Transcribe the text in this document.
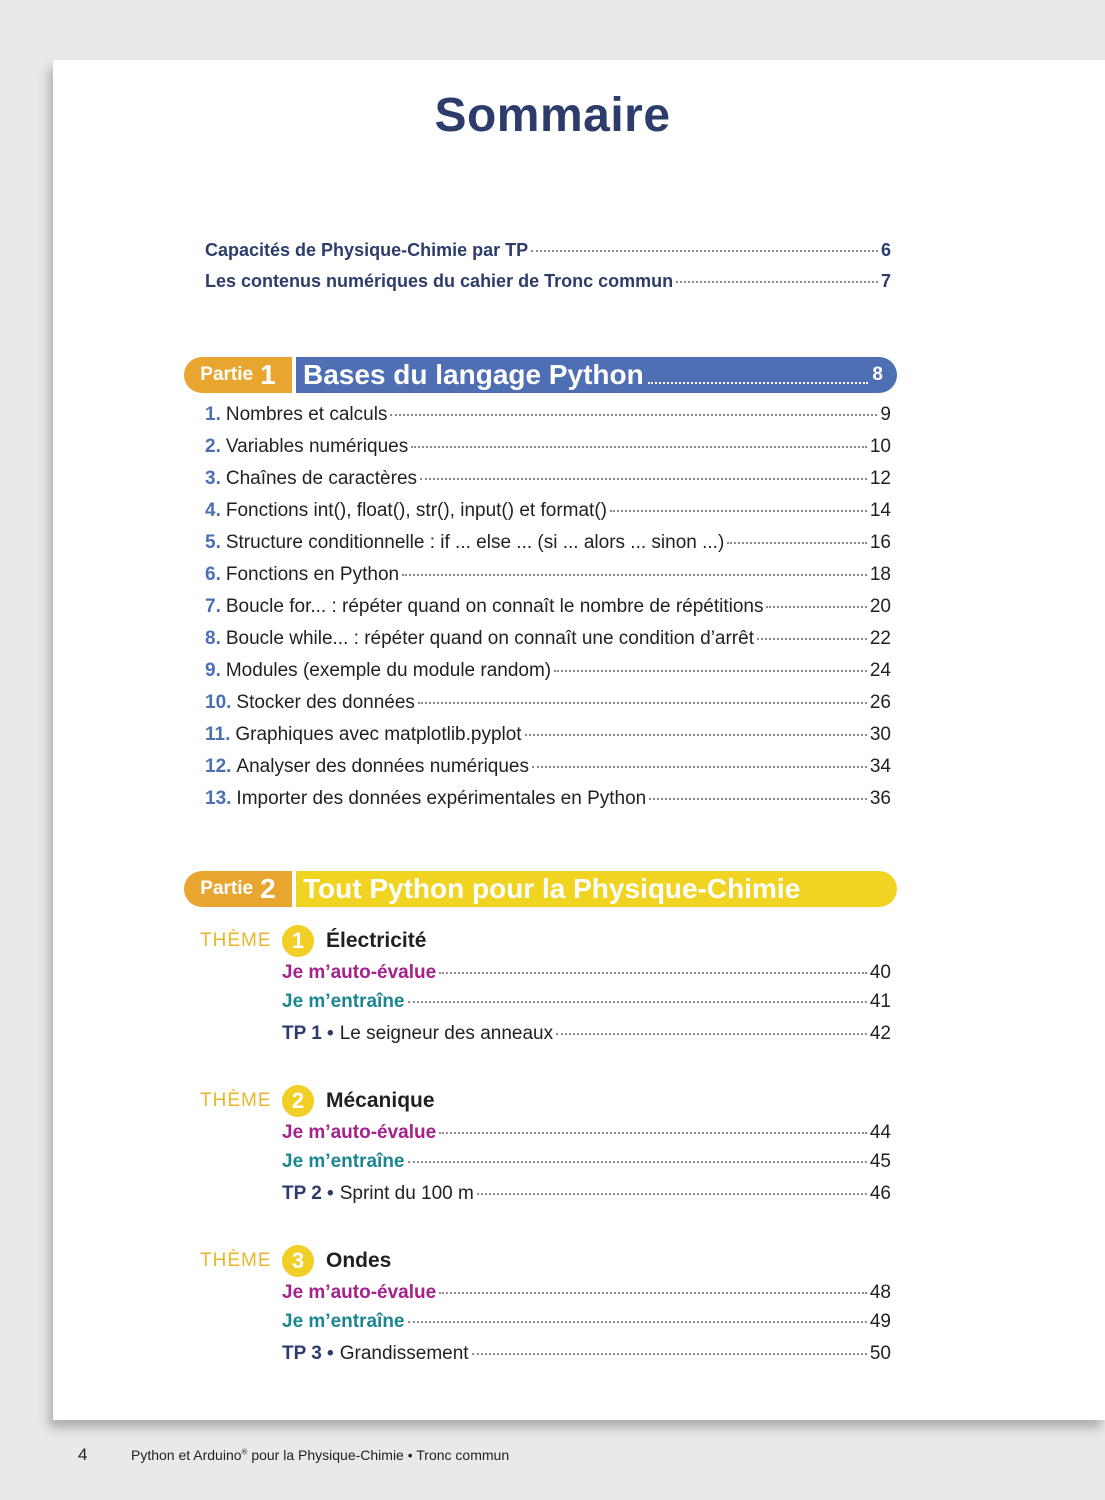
Sommaire
Capacités de Physique-Chimie par TP	6
Les contenus numériques du cahier de Tronc commun	7
Partie 1 Bases du langage Python	8
1. Nombres et calculs	9
2. Variables numériques	10
3. Chaînes de caractères	12
4. Fonctions int(), float(), str(), input() et format()	14
5. Structure conditionnelle : if ... else ... (si ... alors ... sinon ...)	16
6. Fonctions en Python	18
7. Boucle for... : répéter quand on connaît le nombre de répétitions	20
8. Boucle while... : répéter quand on connaît une condition d’arrêt	22
9. Modules (exemple du module random)	24
10. Stocker des données	26
11. Graphiques avec matplotlib.pyplot	30
12. Analyser des données numériques	34
13. Importer des données expérimentales en Python	36
Partie 2 Tout Python pour la Physique-Chimie
THÈME 1	Électricité
Je m’auto-évalue	40
Je m’entraîne	41
TP 1 • Le seigneur des anneaux	42
THÈME 2	Mécanique
Je m’auto-évalue	44
Je m’entraîne	45
TP 2 • Sprint du 100 m	46
THÈME 3	Ondes
Je m’auto-évalue	48
Je m’entraîne	49
TP 3 • Grandissement	50
4	Python et Arduino® pour la Physique-Chimie • Tronc commun
